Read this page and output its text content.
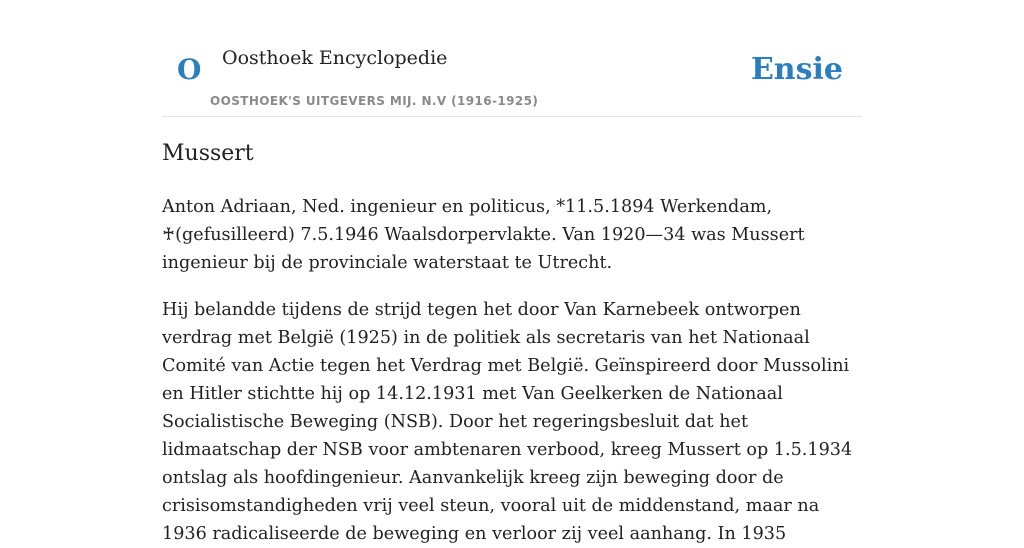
O Oosthoek Encyclopedie
OOSTHOEK'S UITGEVERS MIJ. N.V (1916-1925)
Ensie
Mussert

Anton Adriaan, Ned. ingenieur en politicus, *11.5.1894 Werkendam, ♰(gefusilleerd) 7.5.1946 Waalsdorpervlakte. Van 1920—34 was Mussert ingenieur bij de provinciale waterstaat te Utrecht.

Hij belandde tijdens de strijd tegen het door Van Karnebeek ontworpen verdrag met België (1925) in de politiek als secretaris van het Nationaal Comité van Actie tegen het Verdrag met België. Geïnspireerd door Mussolini en Hitler stichtte hij op 14.12.1931 met Van Geelkerken de Nationaal Socialistische Beweging (NSB). Door het regeringsbesluit dat het lidmaatschap der NSB voor ambtenaren verbood, kreeg Mussert op 1.5.1934 ontslag als hoofdingenieur. Aanvankelijk kreeg zijn beweging door de crisisomstandigheden vrij veel steun, vooral uit de middenstand, maar na 1936 radicaliseerde de beweging en verloor zij veel aanhang. In 1935
